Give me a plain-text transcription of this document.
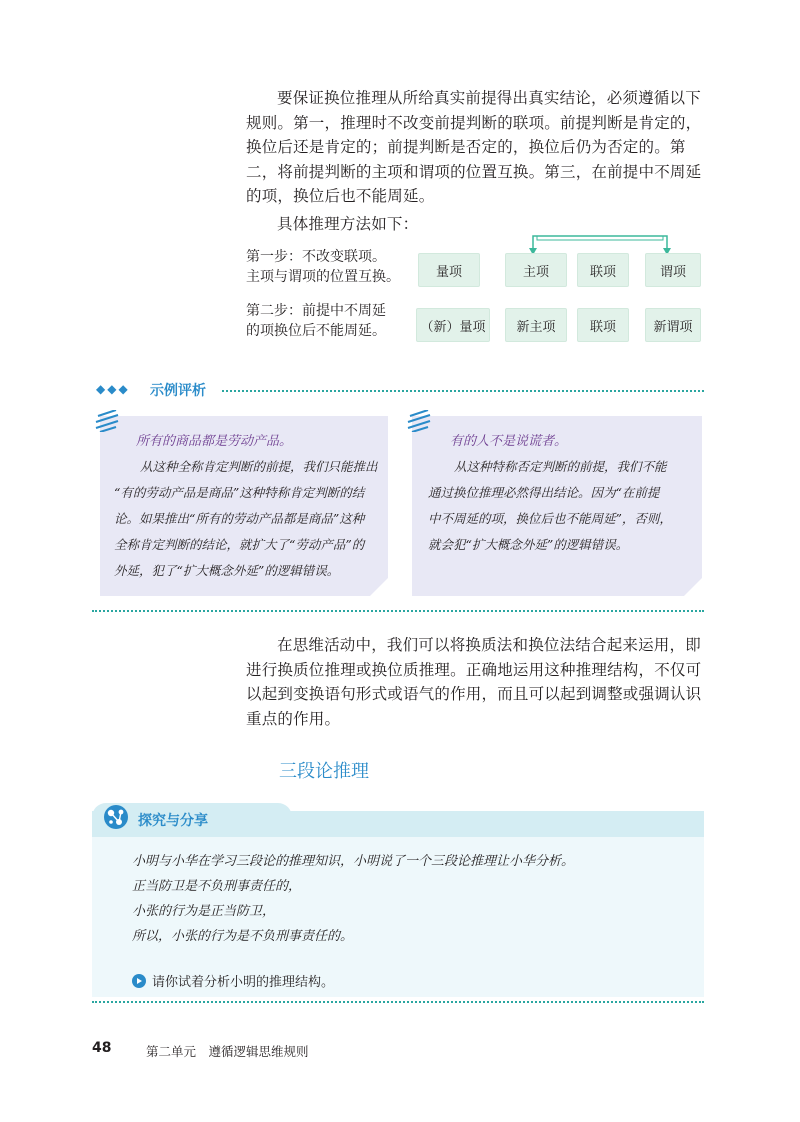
要保证换位推理从所给真实前提得出真实结论，必须遵循以下
规则。第一，推理时不改变前提判断的联项。前提判断是肯定的，
换位后还是肯定的；前提判断是否定的，换位后仍为否定的。第
二，将前提判断的主项和谓项的位置互换。第三，在前提中不周延
的项，换位后也不能周延。
具体推理方法如下：
第一步：不改变联项。
主项与谓项的位置互换。
第二步：前提中不周延
的项换位后不能周延。
量项	主项	联项	谓项
（新）量项	新主项	联项	新谓项
◆◆◆ 示例评析
所有的商品都是劳动产品。
从这种全称肯定判断的前提，我们只能推出
“有的劳动产品是商品”这种特称肯定判断的结
论。如果推出“所有的劳动产品都是商品”这种
全称肯定判断的结论，就扩大了“劳动产品”的
外延，犯了“扩大概念外延”的逻辑错误。
有的人不是说谎者。
从这种特称否定判断的前提，我们不能
通过换位推理必然得出结论。因为“在前提
中不周延的项，换位后也不能周延”，否则，
就会犯“扩大概念外延”的逻辑错误。
在思维活动中，我们可以将换质法和换位法结合起来运用，即
进行换质位推理或换位质推理。正确地运用这种推理结构，不仅可
以起到变换语句形式或语气的作用，而且可以起到调整或强调认识
重点的作用。
三段论推理
探究与分享
小明与小华在学习三段论的推理知识，小明说了一个三段论推理让小华分析。
正当防卫是不负刑事责任的，
小张的行为是正当防卫，
所以，小张的行为是不负刑事责任的。
请你试着分析小明的推理结构。
48	第二单元　遵循逻辑思维规则
